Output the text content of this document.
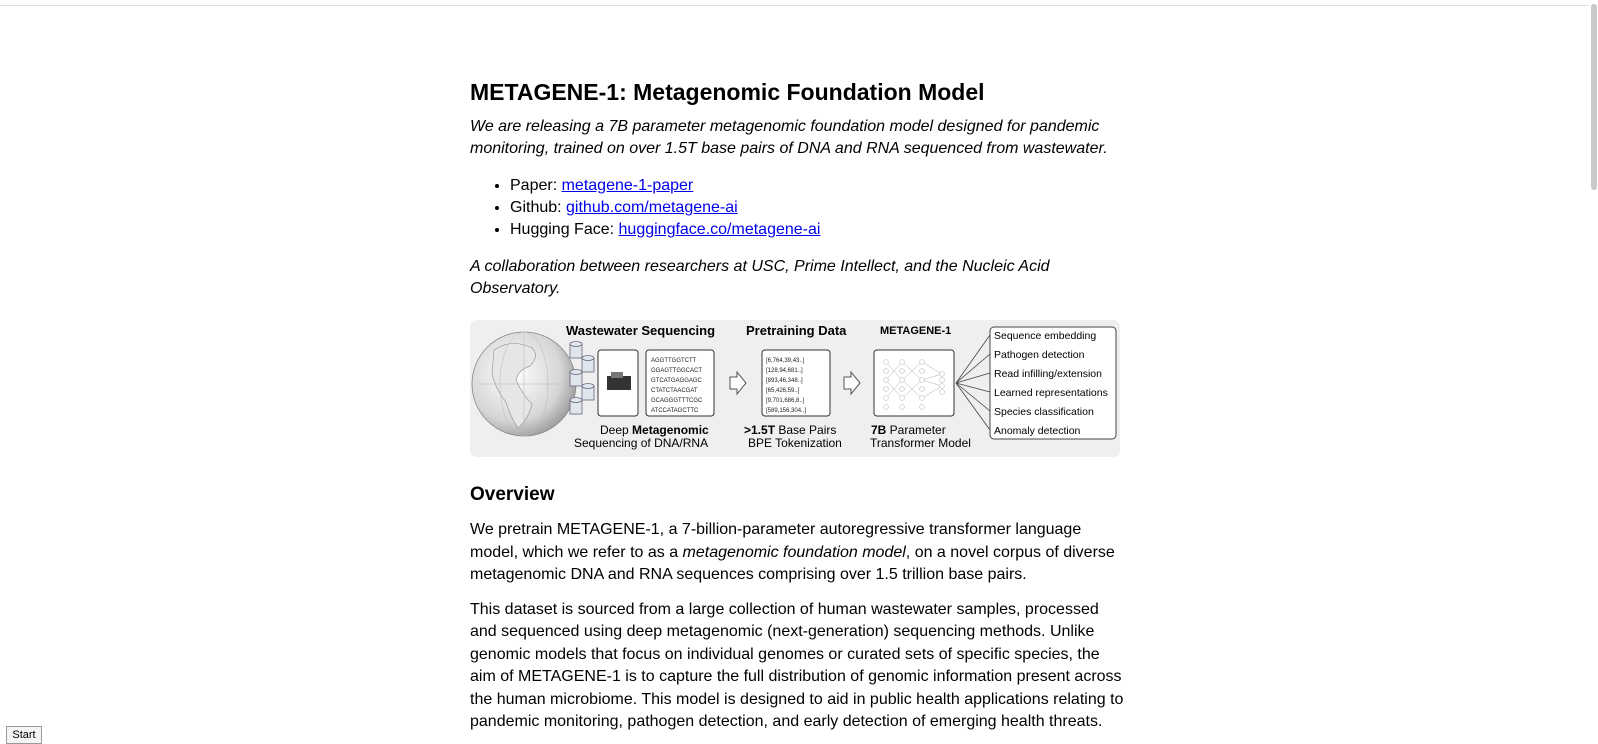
METAGENE-1: Metagenomic Foundation Model

We are releasing a 7B parameter metagenomic foundation model designed for pandemic monitoring, trained on over 1.5T base pairs of DNA and RNA sequenced from wastewater.

• Paper: metagene-1-paper
• Github: github.com/metagene-ai
• Hugging Face: huggingface.co/metagene-ai

A collaboration between researchers at USC, Prime Intellect, and the Nucleic Acid Observatory.

AGGTTGGTCTT
GGAGTTGGCACT
GTCATGAGGAGC
CTATCTAACGAT
GCAGGGTTTCGC
ATCCATAGCTTC
Wastewater Sequencing
Deep Metagenomic
Sequencing of DNA/RNA
[6,764,39,43..]
[128,94,681..]
[893,46,348..]
[65,426,59..]
[9,701,686,8..]
[589,156,304..]
Pretraining Data
>1.5T Base Pairs
BPE Tokenization
METAGENE-1
7B Parameter
Transformer Model
Sequence embedding
Pathogen detection
Read infilling/extension
Learned representations
Species classification
Anomaly detection
Overview

We pretrain METAGENE-1, a 7-billion-parameter autoregressive transformer language model, which we refer to as a metagenomic foundation model, on a novel corpus of diverse metagenomic DNA and RNA sequences comprising over 1.5 trillion base pairs.

This dataset is sourced from a large collection of human wastewater samples, processed and sequenced using deep metagenomic (next-generation) sequencing methods. Unlike genomic models that focus on individual genomes or curated sets of specific species, the aim of METAGENE-1 is to capture the full distribution of genomic information present across the human microbiome. This model is designed to aid in public health applications relating to pandemic monitoring, pathogen detection, and early detection of emerging health threats.

Start
